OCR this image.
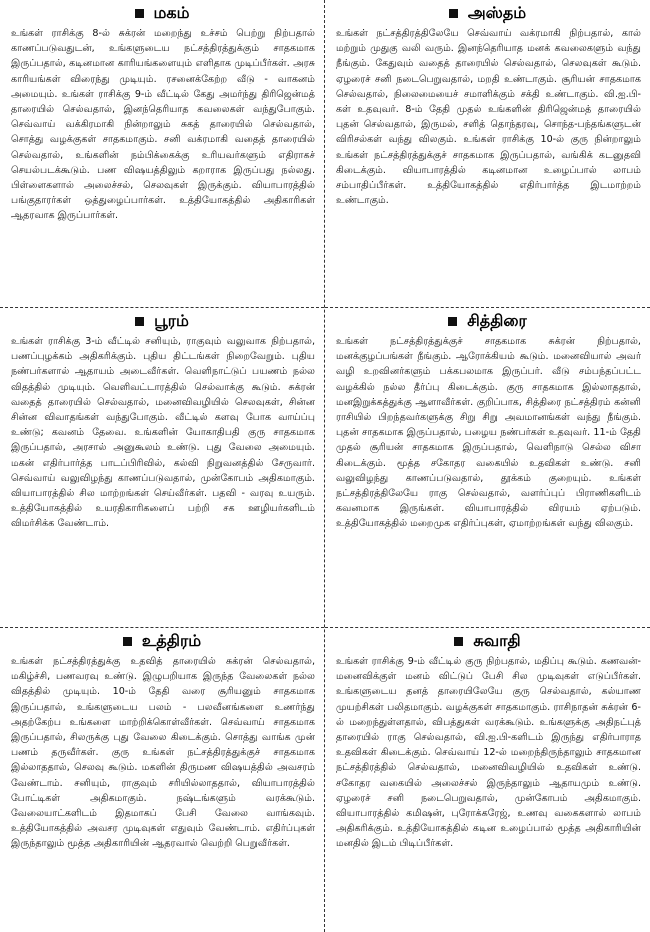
மகம்

உங்கள் ராசிக்கு 8-ல் சுக்ரன் மறைந்து உச்சம் பெற்று நிற்பதால் காணப்படுவதுடன், உங்களுடைய நட்சத்திரத்துக்கும் சாதகமாக இருப்பதால், கடினமான காரியங்களையும் எளிதாக முடிப்பீர்கள். அரசு காரியங்கள் விரைந்து முடியும். ரசனைக்கேற்ற வீடு - வாகனம் அமையும். உங்கள் ராசிக்கு 9-ம் வீட்டில் கேது அமர்ந்து திரிஜென்மத் தாரையில் செல்வதால், இனந்தெரியாத கவலைகள் வந்துபோகும். செவ்வாய் வக்கிரமாகி நின்றாலும் சுகத் தாரையில் செல்வதால், சொத்து வழக்குகள் சாதகமாகும். சனி வக்ரமாகி வதைத் தாரையில் செல்வதால், உங்களின் நம்பிக்கைக்கு உரியவர்களும் எதிராகச் செயல்படக்கூடும். பண விஷயத்திலும் கறாராக இருப்பது நல்லது. பிள்ளைகளால் அலைச்சல், செலவுகள் இருக்கும். வியாபாரத்தில் பங்குதாரர்கள் ஒத்துழைப்பார்கள். உத்தியோகத்தில் அதிகாரிகள் ஆதரவாக இருப்பார்கள்.

பூரம்

உங்கள் ராசிக்கு 3-ம் வீட்டில் சனியும், ராகுவும் வலுவாக நிற்பதால், பணப்புழக்கம் அதிகரிக்கும். புதிய திட்டங்கள் நிறைவேறும். புதிய நண்பர்களால் ஆதாயம் அடைவீர்கள். வெளிநாட்டுப் பயணம் நல்ல விதத்தில் முடியும். வெளிவட்டாரத்தில் செல்வாக்கு கூடும். சுக்ரன் வதைத் தாரையில் செல்வதால், மனைவிவழியில் செலவுகள், சின்ன சின்ன விவாதங்கள் வந்துபோகும். வீட்டில் களவு போக வாய்ப்பு உண்டு; கவனம் தேவை. உங்களின் யோகாதிபதி குரு சாதகமாக இருப்பதால், அரசால் அனுகூலம் உண்டு. புது வேலை அமையும். மகன் எதிர்பார்த்த பாடப்பிரிவில், கல்வி நிறுவனத்தில் சேருவார். செவ்வாய் வலுவிழந்து காணப்படுவதால், முன்கோபம் அதிகமாகும். வியாபாரத்தில் சில மாற்றங்கள் செய்வீர்கள். பதவி - வரவு உயரும். உத்தியோகத்தில் உயரதிகாரிகளைப் பற்றி சக ஊழியர்களிடம் விமர்சிக்க வேண்டாம்.

உத்திரம்

உங்கள் நட்சத்திரத்துக்கு உதவித் தாரையில் சுக்ரன் செல்வதால், மகிழ்ச்சி, பணவரவு உண்டு. இழுபறியாக இருந்த வேலைகள் நல்ல விதத்தில் முடியும். 10-ம் தேதி வரை சூரியனும் சாதகமாக இருப்பதால், உங்களுடைய பலம் - பலவீனங்களை உணர்ந்து அதற்கேற்ப உங்களை மாற்றிக்கொள்வீர்கள். செவ்வாய் சாதகமாக இருப்பதால், சிலருக்கு புது வேலை கிடைக்கும். சொத்து வாங்க முன் பணம் தருவீர்கள். குரு உங்கள் நட்சத்திரத்துக்குச் சாதகமாக இல்லாததால், செலவு கூடும். மகளின் திருமண விஷயத்தில் அவசரம் வேண்டாம். சனியும், ராகுவும் சரியில்லாததால், வியாபாரத்தில் போட்டிகள் அதிகமாகும். நஷ்டங்களும் வரக்கூடும். வேலையாட்களிடம் இதமாகப் பேசி வேலை வாங்கவும். உத்தியோகத்தில் அவசர முடிவுகள் எதுவும் வேண்டாம். எதிர்ப்புகள் இருந்தாலும் மூத்த அதிகாரியின் ஆதரவால் வெற்றி பெறுவீர்கள்.

அஸ்தம்

உங்கள் நட்சத்திரத்திலேயே செவ்வாய் வக்ரமாகி நிற்பதால், கால் மற்றும் முதுகு வலி வரும். இனந்தெரியாத மனக் கவலைகளும் வந்து நீங்கும். கேதுவும் வதைத் தாரையில் செல்வதால், செலவுகள் கூடும். ஏழரைச் சனி நடைபெறுவதால், மறதி உண்டாகும். சூரியன் சாதகமாக செல்வதால், நிலைமையைச் சமாளிக்கும் சக்தி உண்டாகும். வி.ஐ.பி-கள் உதவுவர். 8-ம் தேதி முதல் உங்களின் திரிஜென்மத் தாரையில் புதன் செல்வதால், இருமல், சளித் தொந்தரவு, சொந்த-பந்தங்களுடன் விரிசல்கள் வந்து விலகும். உங்கள் ராசிக்கு 10-ல் குரு நின்றாலும் உங்கள் நட்சத்திரத்துக்குச் சாதகமாக இருப்பதால், வங்கிக் கடனுதவி கிடைக்கும். வியாபாரத்தில் கடினமான உழைப்பால் லாபம் சம்பாதிப்பீர்கள். உத்தியோகத்தில் எதிர்பார்த்த இடமாற்றம் உண்டாகும்.

சித்திரை

உங்கள் நட்சத்திரத்துக்குச் சாதகமாக சுக்ரன் நிற்பதால், மனக்குழப்பங்கள் நீங்கும். ஆரோக்கியம் கூடும். மனைவியால் அவர் வழி உறவினர்களும் பக்கபலமாக இருப்பர். வீடு சம்பந்தப்பட்ட வழக்கில் நல்ல தீர்ப்பு கிடைக்கும். குரு சாதகமாக இல்லாததால், மனஇறுக்கத்துக்கு ஆளாவீர்கள். குறிப்பாக, சித்திரை நட்சத்திரம் கன்னி ராசியில் பிறந்தவர்களுக்கு சிறு சிறு அவமானங்கள் வந்து நீங்கும். புதன் சாதகமாக இருப்பதால், பழைய நண்பர்கள் உதவுவர். 11-ம் தேதி முதல் சூரியன் சாதகமாக இருப்பதால், வெளிநாடு செல்ல விசா கிடைக்கும். மூத்த சகோதர வகையில் உதவிகள் உண்டு. சனி வலுவிழந்து காணப்படுவதால், தூக்கம் குறையும். உங்கள் நட்சத்திரத்திலேயே ராகு செல்வதால், வளர்ப்புப் பிராணிகளிடம் கவனமாக இருங்கள். வியாபாரத்தில் விரயம் ஏற்படும். உத்தியோகத்தில் மறைமுக எதிர்ப்புகள், ஏமாற்றங்கள் வந்து விலகும்.

சுவாதி

உங்கள் ராசிக்கு 9-ம் வீட்டில் குரு நிற்பதால், மதிப்பு கூடும். கணவன்-மனைவிக்குள் மனம் விட்டுப் பேசி சில முடிவுகள் எடுப்பீர்கள். உங்களுடைய தனத் தாரையிலேயே குரு செல்வதால், கல்யாண முயற்சிகள் பலிதமாகும். வழக்குகள் சாதகமாகும். ராசிநாதன் சுக்ரன் 6-ல் மறைந்துள்ளதால், விபத்துகள் வரக்கூடும். உங்களுக்கு அதிநட்புத் தாரையில் ராகு செல்வதால், வி.ஐ.பி-களிடம் இருந்து எதிர்பாராத உதவிகள் கிடைக்கும். செவ்வாய் 12-ல் மறைந்திருந்தாலும் சாதகமான நட்சத்திரத்தில் செல்வதால், மனைவிவழியில் உதவிகள் உண்டு. சகோதர வகையில் அலைச்சல் இருந்தாலும் ஆதாயமும் உண்டு. ஏழரைச் சனி நடைபெறுவதால், முன்கோபம் அதிகமாகும். வியாபாரத்தில் கமிஷன், புரோக்கரேஜ், உணவு வகைகளால் லாபம் அதிகரிக்கும். உத்தியோகத்தில் கடின உழைப்பால் மூத்த அதிகாரியின் மனதில் இடம் பிடிப்பீர்கள்.
